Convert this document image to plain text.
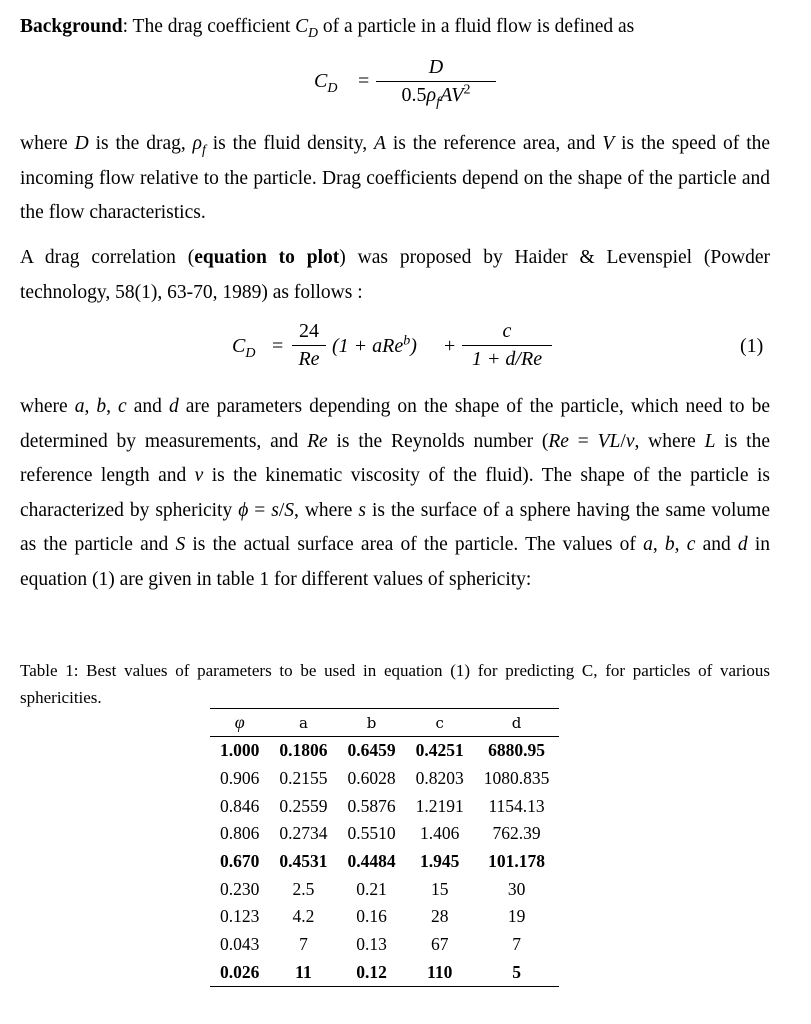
Background: The drag coefficient $C_D$ of a particle in a fluid flow is defined as

$C_D$ =
D
$0.5\rho_fAV^2$

where D is the drag, $\rho_f$ is the fluid density, A is the reference area, and V is the speed of the incoming flow relative to the particle. Drag coefficients depend on the shape of the particle and the flow characteristics.

A drag correlation (equation to plot) was proposed by Haider & Levenspiel (Powder technology, 58(1), 63-70, 1989) as follows :

$C_D = \frac{24}{Re} (1 + aRe^b) + \frac{c}{1 + d/Re}$	(1)

where a, b, c and d are parameters depending on the shape of the particle, which need to be determined by measurements, and Re is the Reynolds number (Re = VL/ν, where L is the reference length and ν is the kinematic viscosity of the fluid). The shape of the particle is characterized by sphericity ϕ = s/S, where s is the surface of a sphere having the same volume as the particle and S is the actual surface area of the particle. The values of a, b, c and d in equation (1) are given in table 1 for different values of sphericity:

Table 1: Best values of parameters to be used in equation (1) for predicting C, for particles of various sphericities.

φ	a	b	c	d
1.000	0.1806	0.6459	0.4251	6880.95
0.906	0.2155	0.6028	0.8203	1080.835
0.846	0.2559	0.5876	1.2191	1154.13
0.806	0.2734	0.5510	1.406	762.39
0.670	0.4531	0.4484	1.945	101.178
0.230	2.5	0.21	15	30
0.123	4.2	0.16	28	19
0.043	7	0.13	67	7
0.026	11	0.12	110	5
